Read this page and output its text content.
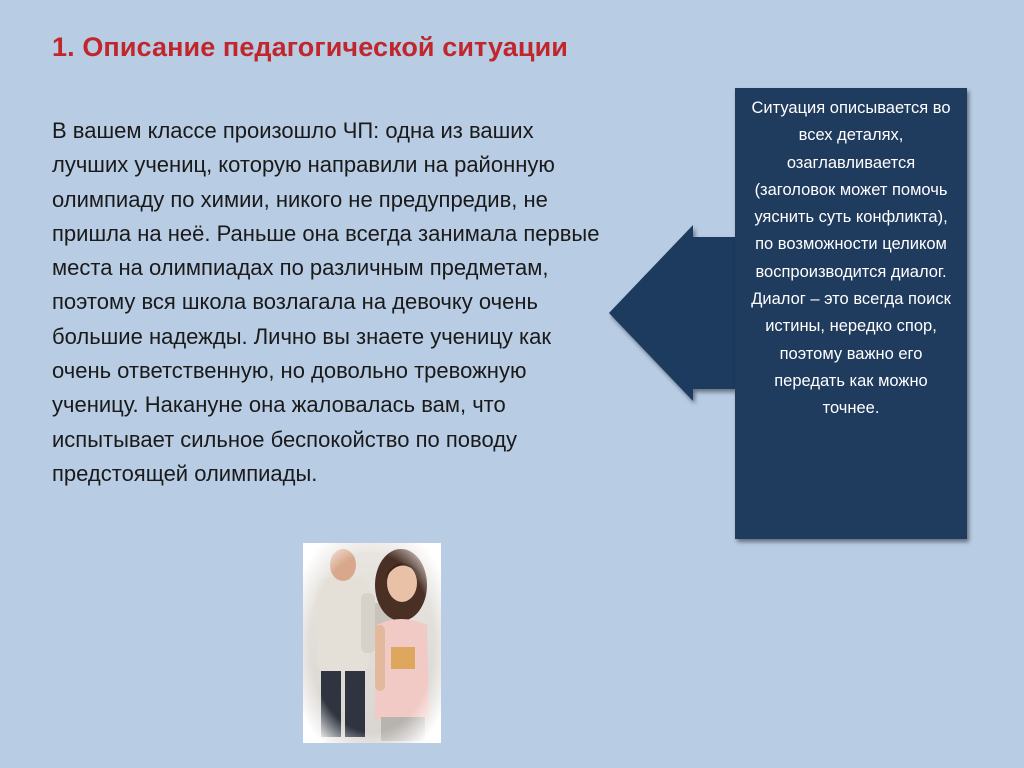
1. Описание педагогической ситуации

В вашем классе произошло ЧП: одна из ваших лучших учениц, которую направили на районную олимпиаду по химии, никого не предупредив, не пришла на неё. Раньше она всегда занимала первые места на олимпиадах по различным предметам, поэтому вся школа возлагала на девочку очень большие надежды. Лично вы знаете ученицу как очень ответственную, но довольно тревожную ученицу. Накануне она жаловалась вам, что испытывает сильное беспокойство по поводу предстоящей олимпиады.

Ситуация описывается во всех деталях, озаглавливается (заголовок может помочь уяснить суть конфликта), по возможности целиком воспроизводится диалог. Диалог – это всегда поиск истины, нередко спор, поэтому важно его передать как можно точнее.
